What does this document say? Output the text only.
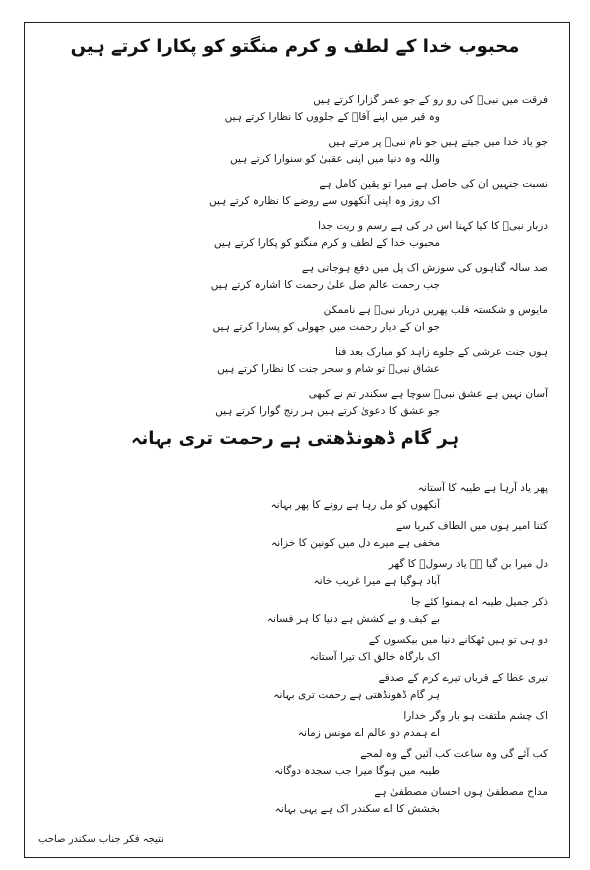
محبوب خدا کے لطف و کرم منگتو کو پکارا کرتے ہیں
فرقت میں نبیؐ کی رو رو کے جو عمر گزارا کرتے ہیں
وہ قبر میں اپنے آقاؐ کے جلووں کا نظارا کرتے ہیں
جو یاد خدا میں جیتے ہیں جو نام نبیؐ پر مرتے ہیں
واللہ وہ دنیا میں اپنی عقبیٰ کو سنوارا کرتے ہیں
نسبت جنہیں ان کی حاصل ہے میرا تو یقین کامل ہے
اک روز وہ اپنی آنکھوں سے روضے کا نظارہ کرتے ہیں
دربار نبیؐ کا کیا کہنا اس در کی ہے رسم و ریت جدا
محبوب خدا کے لطف و کرم منگتو کو پکارا کرتے ہیں
صد سالہ گناہوں کی سوزش اک پل میں دفع ہوجاتی ہے
جب رحمت عالم صل علیٰ رحمت کا اشارہ کرتے ہیں
مایوس و شکستہ قلب پھریں دربار نبیؐ ہے ناممکن
جو ان کے دیار رحمت میں جھولی کو پسارا کرتے ہیں
ہوں جنت عرشی کے جلوے زاہد کو مبارک بعد فنا
عشاق نبیؐ تو شام و سحر جنت کا نظارا کرتے ہیں
آسان نہیں ہے عشق نبیؐ سوچا ہے سکندر تم نے کبھی
جو عشق کا دعویٰ کرتے ہیں ہر رنج گوارا کرتے ہیں
ہر گام ڈھونڈھتی ہے رحمت تری بہانہ
پھر یاد آرہا ہے طیبہ کا آستانہ
آنکھوں کو مل رہا ہے رونے کا پھر بہانہ
کتنا امیر ہوں میں الطاف کبریا سے
مخفی ہے میرے دل میں کونین کا خزانہ
دل میرا بن گیا ہے یاد رسولؐ کا گھر
آباد ہوگیا ہے میرا غریب خانہ
ذکر جمیل طیبہ اے ہمنوا کئے جا
بے کیف و بے کشش ہے دنیا کا ہر فسانہ
دو ہی تو ہیں ٹھکانے دنیا میں بیکسوں کے
اک بارگاہ خالق اک تیرا آستانہ
تیری عطا کے قرباں تیرے کرم کے صدقے
ہر گام ڈھونڈھتی ہے رحمت تری بہانہ
اک چشم ملتفت ہو بار وگر خدارا
اے ہمدم دو عالم اے مونس زمانہ
کب آئے گی وہ ساعت کب آئیں گے وہ لمحے
طیبہ میں ہوگا میرا جب سجدہ دوگانہ
مداح مصطفیٰ ہوں احسان مصطفیٰ ہے
بخشش کا اے سکندر اک ہے یہی بہانہ
نتیجہ فکر جناب سکندر صاحب
